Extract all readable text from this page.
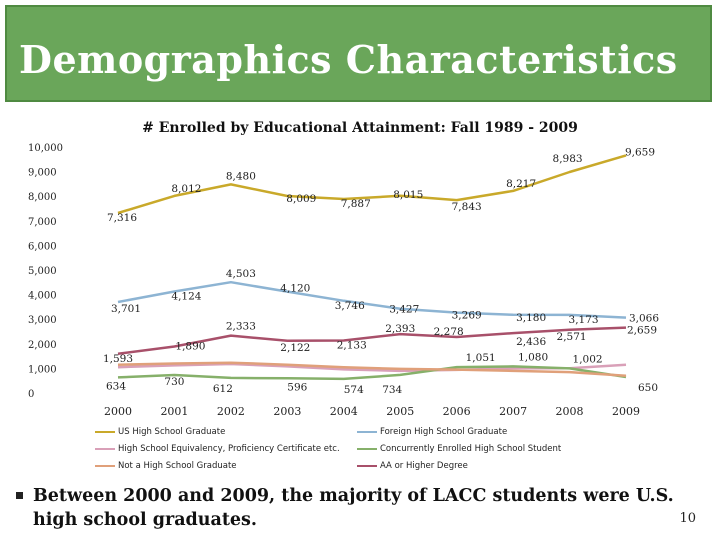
Demographics Characteristics
# Enrolled by Educational Attainment: Fall 1989 - 2009
0
1,000
2,000
3,000
4,000
5,000
6,000
7,000
8,000
9,000
10,000
2000	2001	2002	2003	2004	2005	2006	2007	2008	2009
7,316
8,012
8,480
8,009 7,887
8,015
7,843
8,217
8,983
9,659
3,701
4,124
4,503
4,120
3,746 3,427	3,269	3,180 3,173	3,066
634	730
612	596	574 734
1,051 1,080 1,002
650
1,593
1,890
2,333
2,122	2,133
2,393 2,278
2,436 2,571
2,659
US High School Graduate	Foreign High School Graduate
High School Equivalency, Proficiency Certificate etc.	Concurrently Enrolled High School Student
Not a High School Graduate	AA or Higher Degree
Between 2000 and 2009, the majority of LACC students were U.S. high school graduates.	10
